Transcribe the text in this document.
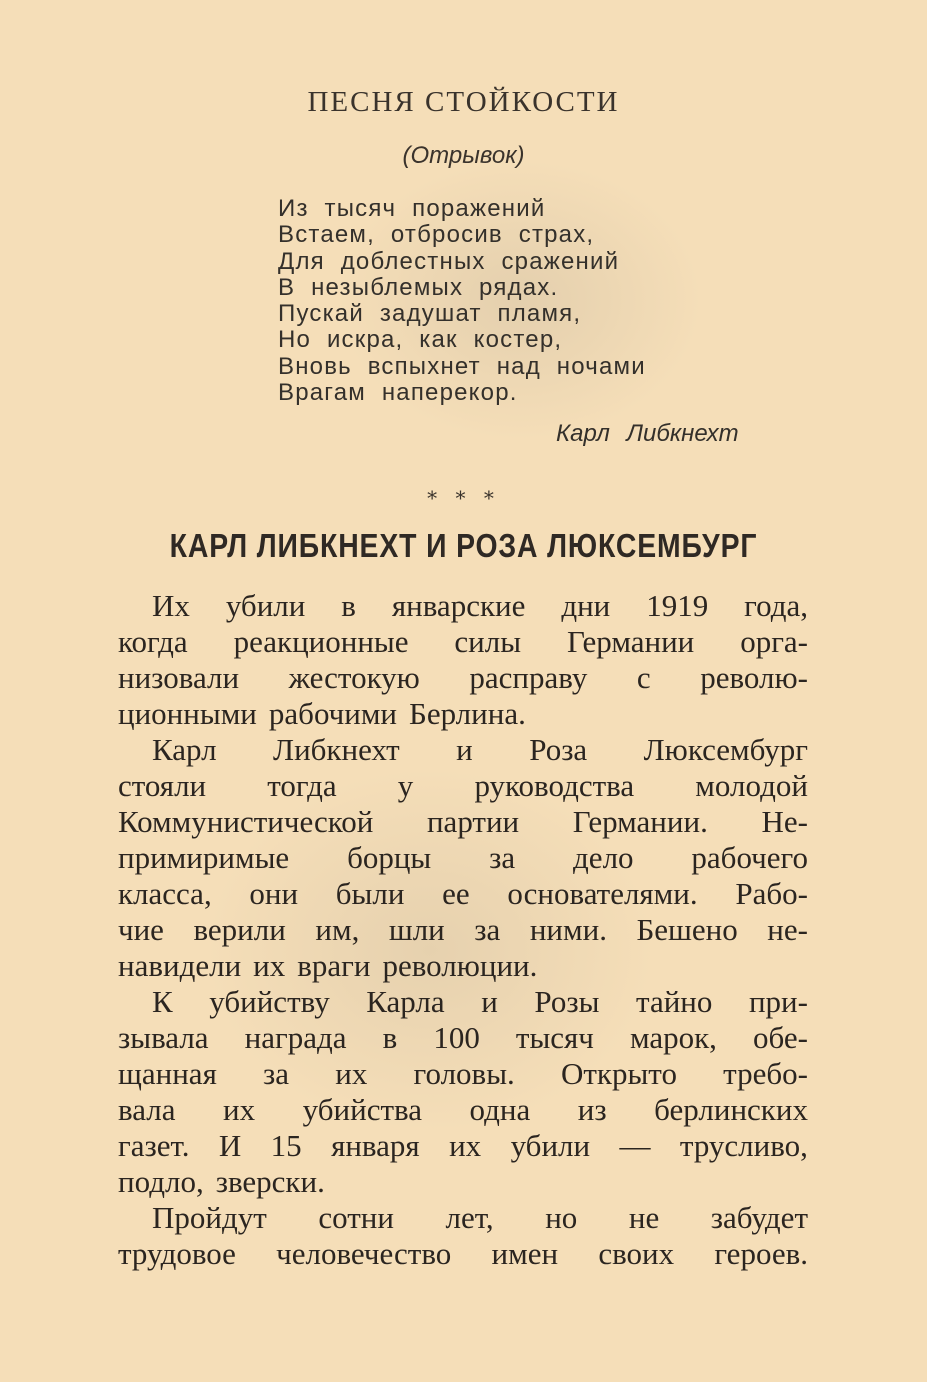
ПЕСНЯ СТОЙКОСТИ
(Отрывок)
Из тысяч поражений
Встаем, отбросив страх,
Для доблестных сражений
В незыблемых рядах.
Пускай задушат пламя,
Но искра, как костер,
Вновь вспыхнет над ночами
Врагам наперекор.
Карл Либкнехт
* * *
КАРЛ ЛИБКНЕХТ И РОЗА ЛЮКСЕМБУРГ
Их убили в январские дни 1919 года,
когда реакционные силы Германии орга-
низовали жестокую расправу с револю-
ционными рабочими Берлина.
Карл Либкнехт и Роза Люксембург
стояли тогда у руководства молодой
Коммунистической партии Германии. Не-
примиримые борцы за дело рабочего
класса, они были ее основателями. Рабо-
чие верили им, шли за ними. Бешено не-
навидели их враги революции.
К убийству Карла и Розы тайно при-
зывала награда в 100 тысяч марок, обе-
щанная за их головы. Открыто требо-
вала их убийства одна из берлинских
газет. И 15 января их убили — трусливо,
подло, зверски.
Пройдут сотни лет, но не забудет
трудовое человечество имен своих героев.
